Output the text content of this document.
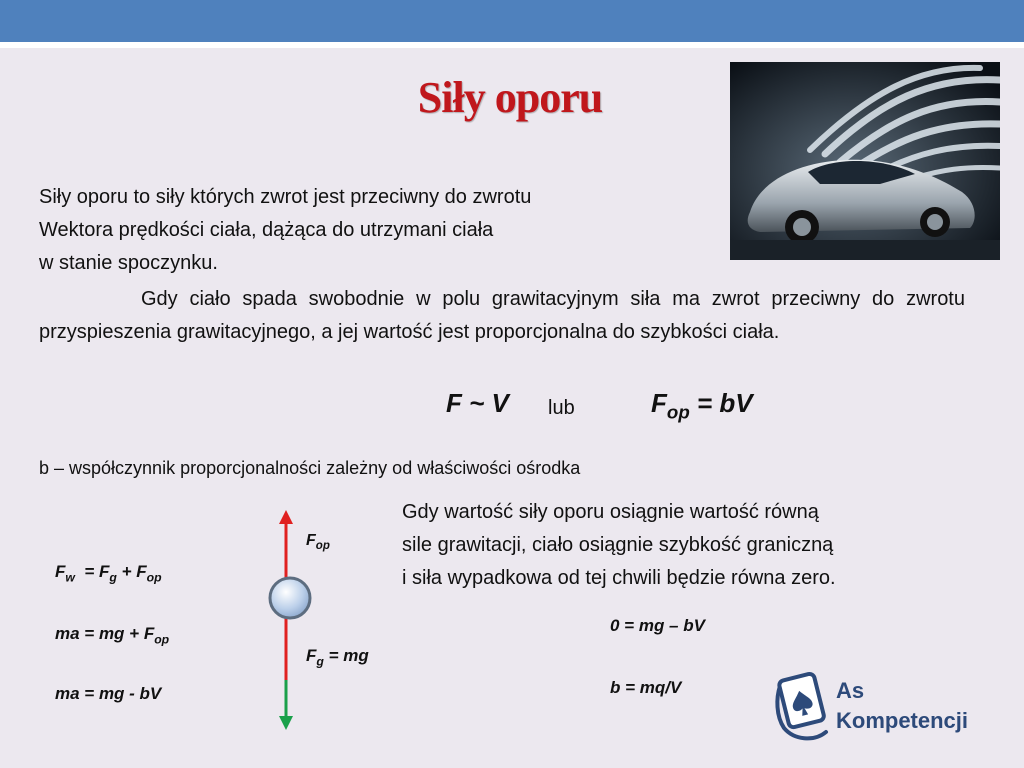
Siły oporu
Siły oporu to siły których zwrot jest przeciwny do zwrotu
Wektora prędkości ciała, dążąca do utrzymani ciała
w stanie spoczynku.
Gdy ciało spada swobodnie w polu grawitacyjnym siła ma zwrot przeciwny do zwrotu przyspieszenia grawitacyjnego, a jej wartość jest proporcjonalna do szybkości ciała.
F ~ V lub	$F_{op}$ = bV
b – współczynnik proporcjonalności zależny od właściwości ośrodka
Gdy wartość siły oporu osiągnie wartość równą
sile grawitacji, ciało osiągnie szybkość graniczną
i siła wypadkowa od tej chwili będzie równa zero.
$F_w = F_g + F_{op}$
ma = mg + $F_{op}$
ma = mg - bV
$F_{op}$
$F_g$ = mg
0 = mg – bV
b = mq/V	As
Kompetencji
